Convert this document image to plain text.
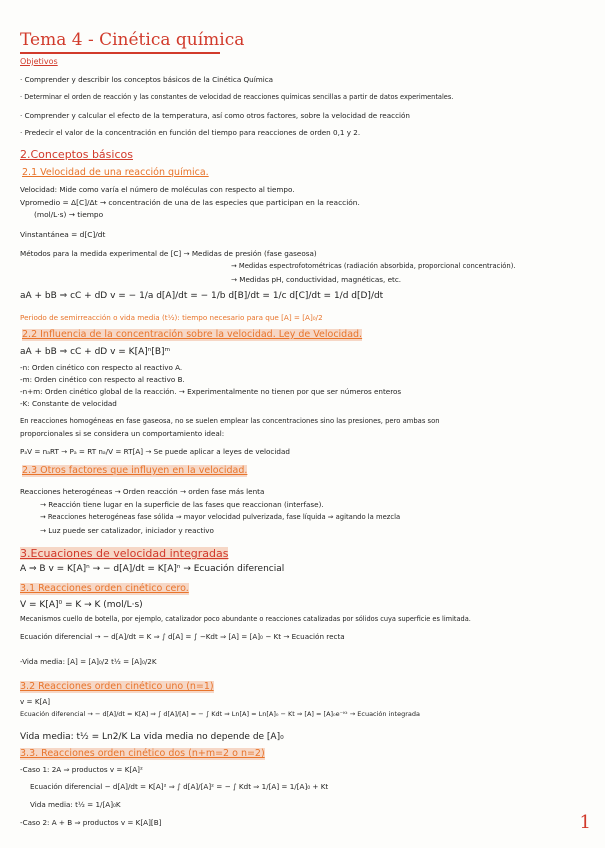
Tema 4 - Cinética química
Objetivos
· Comprender y describir los conceptos básicos de la Cinética Química
· Determinar el orden de reacción y las constantes de velocidad de reacciones químicas sencillas a partir de datos experimentales.
· Comprender y calcular el efecto de la temperatura, así como otros factores, sobre la velocidad de reacción
· Predecir el valor de la concentración en función del tiempo para reacciones de orden 0,1 y 2.
2.Conceptos básicos
2.1 Velocidad de una reacción química.
Velocidad: Mide como varía el número de moléculas con respecto al tiempo.
Vpromedio = Δ[C]/Δt → concentración de una de las especies que participan en la reacción.
(mol/L·s) → tiempo
Vinstantánea = d[C]/dt
Métodos para la medida experimental de [C] → Medidas de presión (fase gaseosa)
→ Medidas espectrofotométricas (radiación absorbida, proporcional concentración).
→ Medidas pH, conductividad, magnéticas, etc.
aA + bB ⇒ cC + dD v = − 1/a d[A]/dt = − 1/b d[B]/dt = 1/c d[C]/dt = 1/d d[D]/dt
Periodo de semirreacción o vida media (t½): tiempo necesario para que [A] = [A]₀/2
2.2 Influencia de la concentración sobre la velocidad. Ley de Velocidad.
aA + bB ⇒ cC + dD v = K[A]ⁿ[B]ᵐ
-n: Orden cinético con respecto al reactivo A.
-m: Orden cinético con respecto al reactivo B.
-n+m: Orden cinético global de la reacción. → Experimentalmente no tienen por que ser números enteros
-K: Constante de velocidad
En reacciones homogéneas en fase gaseosa, no se suelen emplear las concentraciones sino las presiones, pero ambas son
proporcionales si se considera un comportamiento ideal:
PₐV = nₐRT → Pₐ = RT nₐ/V = RT[A] → Se puede aplicar a leyes de velocidad
2.3 Otros factores que influyen en la velocidad.
Reacciones heterogéneas → Orden reacción → orden fase más lenta
→ Reacción tiene lugar en la superficie de las fases que reaccionan (interfase).
→ Reacciones heterogéneas fase sólida ⇒ mayor velocidad pulverizada, fase líquida ⇒ agitando la mezcla
→ Luz puede ser catalizador, iniciador y reactivo
3.Ecuaciones de velocidad integradas
A ⇒ B v = K[A]ⁿ → − d[A]/dt = K[A]ⁿ → Ecuación diferencial
3.1 Reacciones orden cinético cero.
V = K[A]⁰ = K → K (mol/L·s)
Mecanismos cuello de botella, por ejemplo, catalizador poco abundante o reacciones catalizadas por sólidos cuya superficie es limitada.
Ecuación diferencial → − d[A]/dt = K ⇒ ∫ d[A] = ∫ −Kdt ⇒ [A] = [A]₀ − Kt → Ecuación recta
-Vida media: [A] = [A]₀/2 t½ = [A]₀/2K
3.2 Reacciones orden cinético uno (n=1)
v = K[A]
Ecuación diferencial → − d[A]/dt = K[A] ⇒ ∫ d[A]/[A] = − ∫ Kdt ⇒ Ln[A] = Ln[A]₀ − Kt ⇒ [A] = [A]₀e⁻ᴷᵗ → Ecuación integrada
Vida media: t½ = Ln2/K La vida media no depende de [A]₀
3.3. Reacciones orden cinético dos (n+m=2 o n=2)
-Caso 1: 2A ⇒ productos v = K[A]²
Ecuación diferencial − d[A]/dt = K[A]² ⇒ ∫ d[A]/[A]² = − ∫ Kdt ⇒ 1/[A] = 1/[A]₀ + Kt
Vida media: t½ = 1/[A]₀K
-Caso 2: A + B ⇒ productos v = K[A][B]	1
